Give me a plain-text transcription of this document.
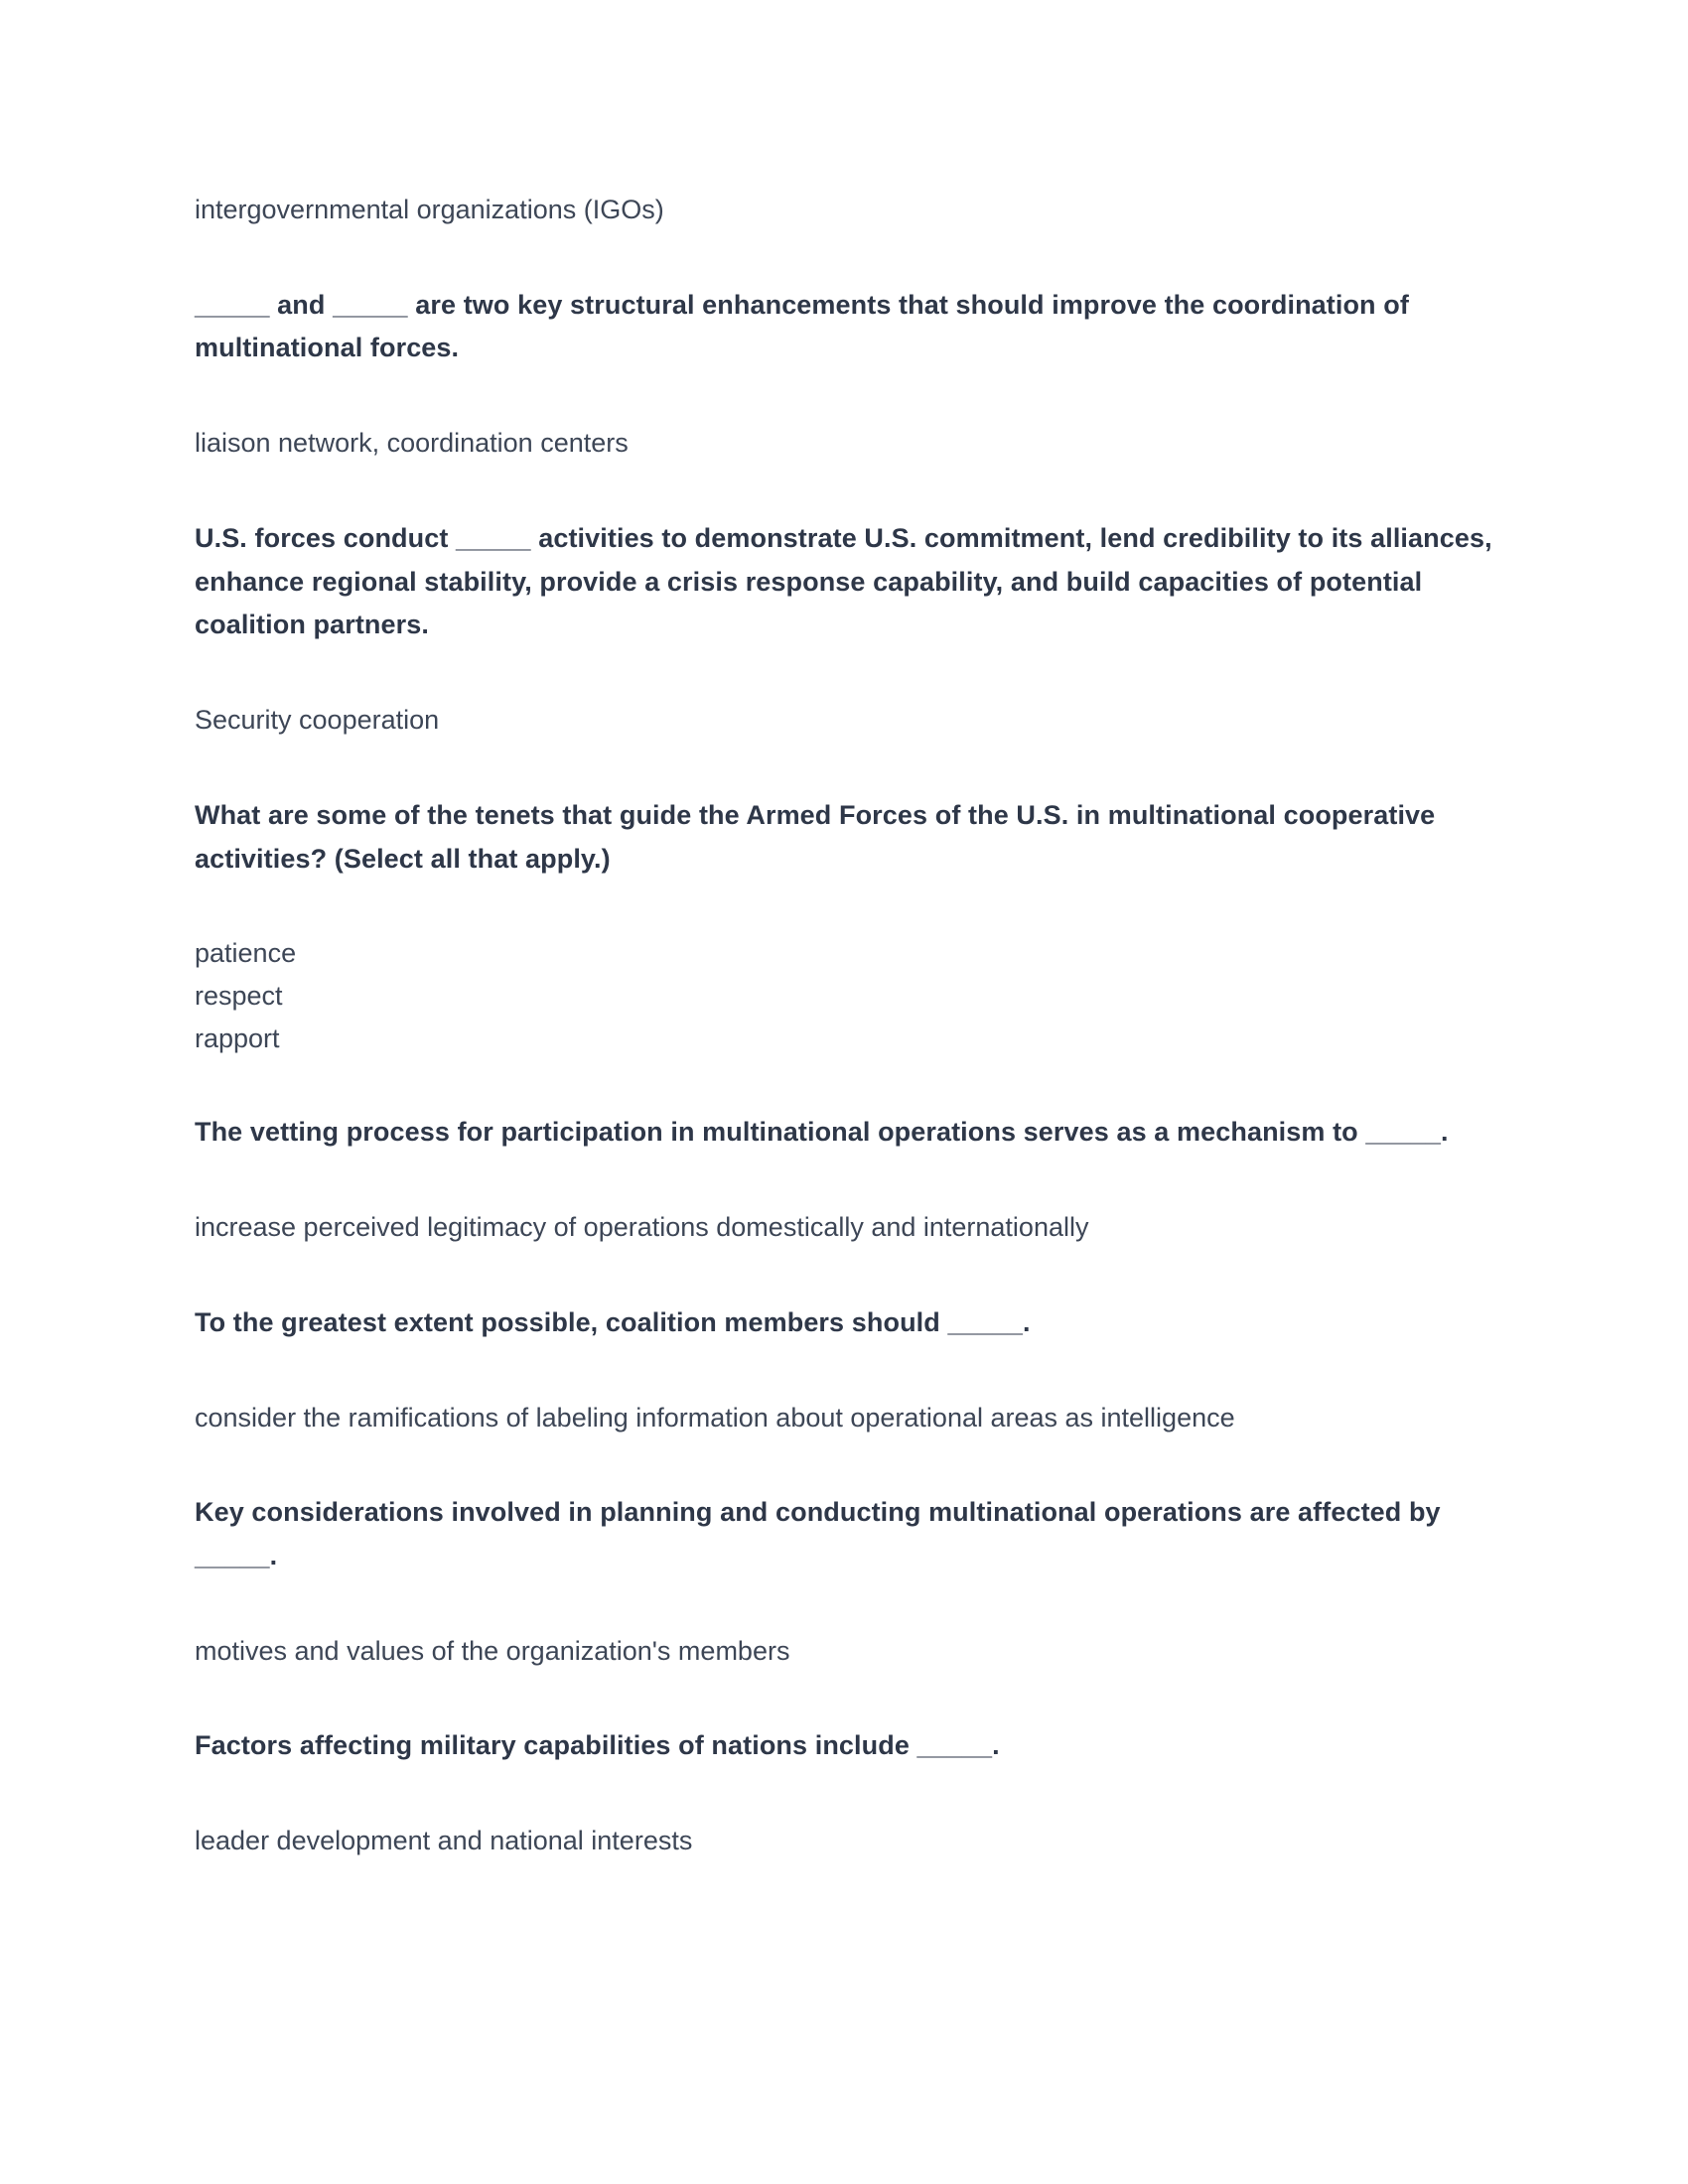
intergovernmental organizations (IGOs)

_____ and _____ are two key structural enhancements that should improve the coordination of multinational forces.

liaison network, coordination centers

U.S. forces conduct _____ activities to demonstrate U.S. commitment, lend credibility to its alliances, enhance regional stability, provide a crisis response capability, and build capacities of potential coalition partners.

Security cooperation

What are some of the tenets that guide the Armed Forces of the U.S. in multinational cooperative activities? (Select all that apply.)

patience
respect
rapport

The vetting process for participation in multinational operations serves as a mechanism to _____.

increase perceived legitimacy of operations domestically and internationally

To the greatest extent possible, coalition members should _____.

consider the ramifications of labeling information about operational areas as intelligence

Key considerations involved in planning and conducting multinational operations are affected by _____.

motives and values of the organization's members

Factors affecting military capabilities of nations include _____.

leader development and national interests
